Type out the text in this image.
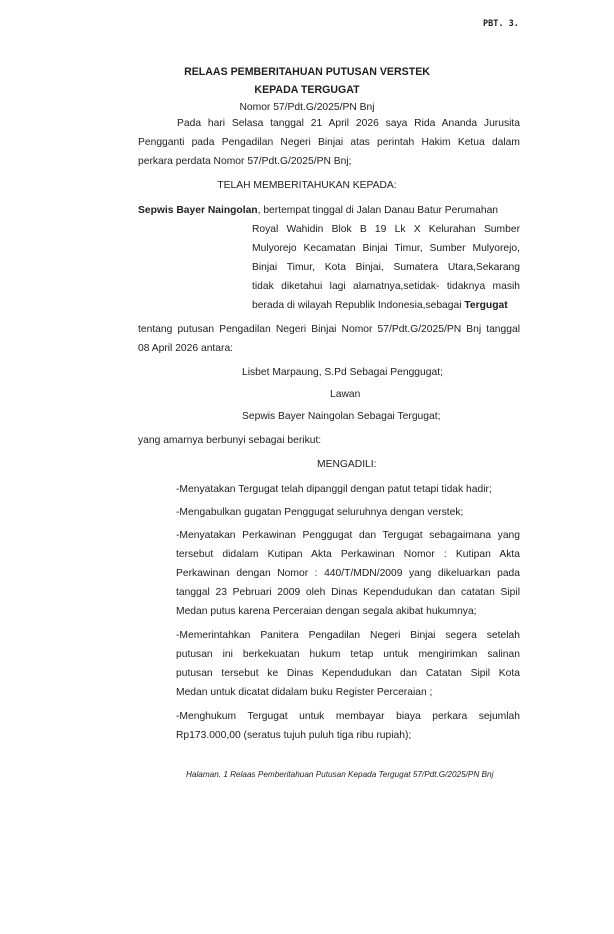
PBT. 3.
RELAAS PEMBERITAHUAN PUTUSAN VERSTEK
KEPADA TERGUGAT
Nomor 57/Pdt.G/2025/PN Bnj
Pada hari Selasa tanggal 21 April 2026 saya Rida Ananda Jurusita
Pengganti pada Pengadilan Negeri Binjai atas perintah Hakim Ketua dalam
perkara perdata Nomor 57/Pdt.G/2025/PN Bnj;
TELAH MEMBERITAHUKAN KEPADA:
Sepwis Bayer Naingolan, bertempat tinggal di Jalan Danau Batur Perumahan
Royal Wahidin Blok B 19 Lk X Kelurahan Sumber
Mulyorejo Kecamatan Binjai Timur, Sumber Mulyorejo,
Binjai Timur, Kota Binjai, Sumatera Utara,Sekarang
tidak diketahui lagi alamatnya,setidak- tidaknya masih
berada di wilayah Republik Indonesia,sebagai Tergugat
tentang putusan Pengadilan Negeri Binjai Nomor 57/Pdt.G/2025/PN Bnj tanggal
08 April 2026 antara:
Lisbet Marpaung, S.Pd Sebagai Penggugat;
Lawan
Sepwis Bayer Naingolan Sebagai Tergugat;
yang amarnya berbunyi sebagai berikut:
MENGADILI:
-Menyatakan Tergugat telah dipanggil dengan patut tetapi tidak hadir;
-Mengabulkan gugatan Penggugat seluruhnya dengan verstek;
-Menyatakan Perkawinan Penggugat dan Tergugat sebagaimana yang
tersebut didalam Kutipan Akta Perkawinan Nomor : Kutipan Akta
Perkawinan dengan Nomor : 440/T/MDN/2009 yang dikeluarkan pada
tanggal 23 Pebruari 2009 oleh Dinas Kependudukan dan catatan Sipil
Medan putus karena Perceraian dengan segala akibat hukumnya;
-Memerintahkan Panitera Pengadilan Negeri Binjai segera setelah
putusan ini berkekuatan hukum tetap untuk mengirimkan salinan
putusan tersebut ke Dinas Kependudukan dan Catatan Sipil Kota
Medan untuk dicatat didalam buku Register Perceraian ;
-Menghukum Tergugat untuk membayar biaya perkara sejumlah
Rp173.000,00 (seratus tujuh puluh tiga ribu rupiah);
Halaman. 1 Relaas Pemberitahuan Putusan Kepada Tergugat 57/Pdt.G/2025/PN Bnj
